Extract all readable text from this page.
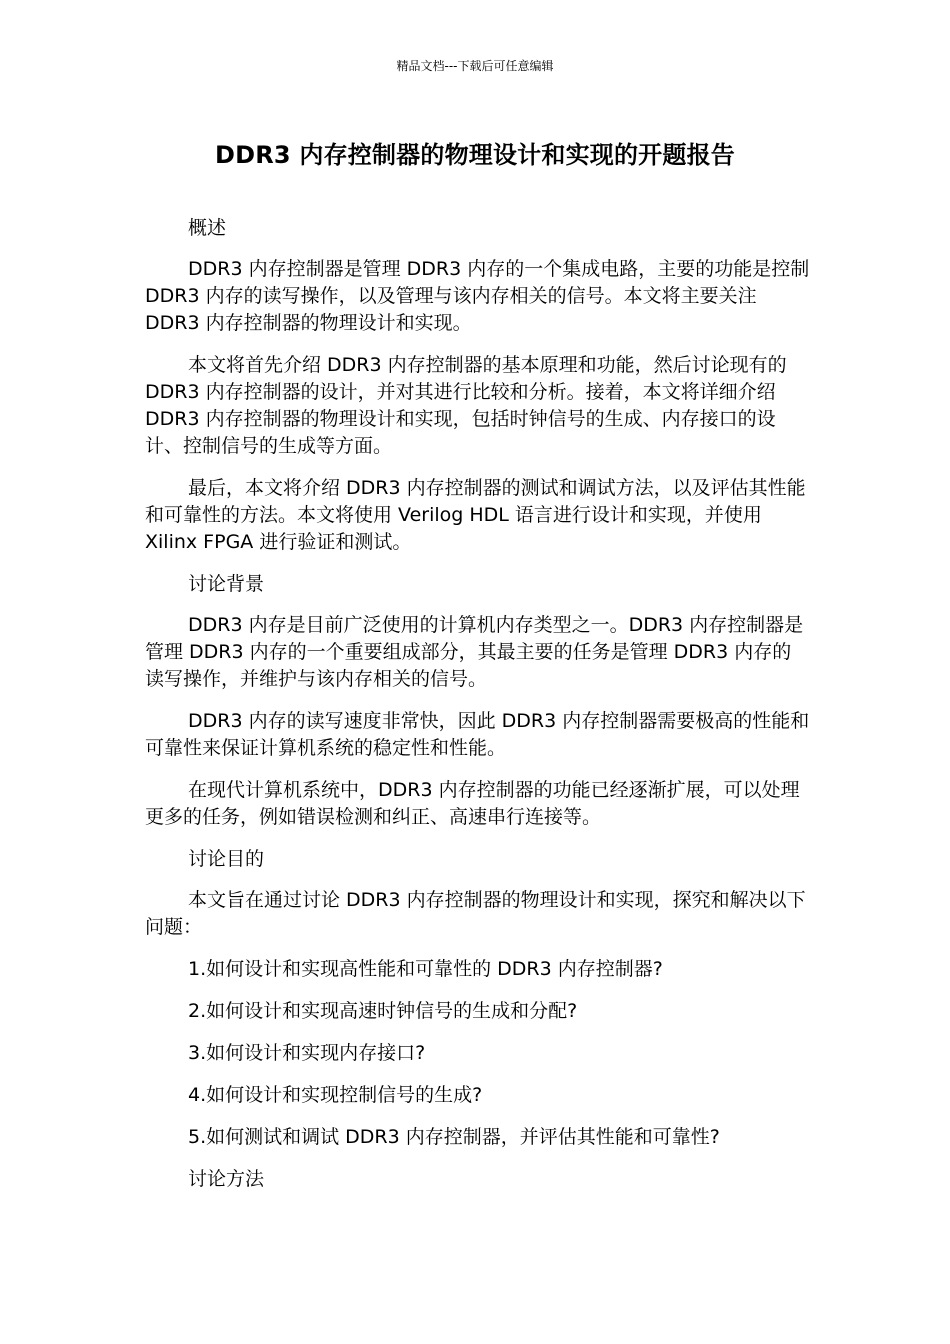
精品文档---下载后可任意编辑
DDR3 内存控制器的物理设计和实现的开题报告
概述

DDR3 内存控制器是管理 DDR3 内存的一个集成电路，主要的功能是控制 DDR3 内存的读写操作，以及管理与该内存相关的信号。本文将主要关注 DDR3 内存控制器的物理设计和实现。

本文将首先介绍 DDR3 内存控制器的基本原理和功能，然后讨论现有的 DDR3 内存控制器的设计，并对其进行比较和分析。接着，本文将详细介绍 DDR3 内存控制器的物理设计和实现，包括时钟信号的生成、内存接口的设计、控制信号的生成等方面。

最后，本文将介绍 DDR3 内存控制器的测试和调试方法，以及评估其性能和可靠性的方法。本文将使用 Verilog HDL 语言进行设计和实现，并使用 Xilinx FPGA 进行验证和测试。

讨论背景

DDR3 内存是目前广泛使用的计算机内存类型之一。DDR3 内存控制器是管理 DDR3 内存的一个重要组成部分，其最主要的任务是管理 DDR3 内存的读写操作，并维护与该内存相关的信号。

DDR3 内存的读写速度非常快，因此 DDR3 内存控制器需要极高的性能和可靠性来保证计算机系统的稳定性和性能。

在现代计算机系统中，DDR3 内存控制器的功能已经逐渐扩展，可以处理更多的任务，例如错误检测和纠正、高速串行连接等。

讨论目的

本文旨在通过讨论 DDR3 内存控制器的物理设计和实现，探究和解决以下问题：

1.如何设计和实现高性能和可靠性的 DDR3 内存控制器?
2.如何设计和实现高速时钟信号的生成和分配?
3.如何设计和实现内存接口?
4.如何设计和实现控制信号的生成?
5.如何测试和调试 DDR3 内存控制器，并评估其性能和可靠性?
讨论方法
